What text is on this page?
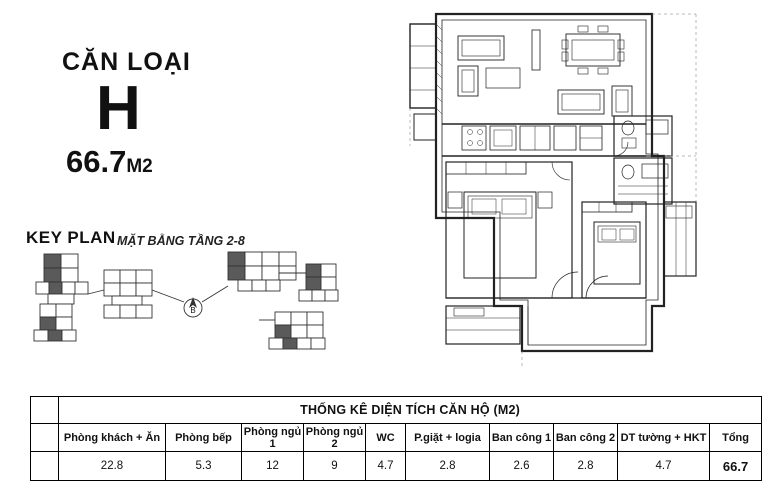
CĂN LOẠI
H
66.7M2
KEY PLAN MẶT BẰNG TẦNG 2-8
B
	THỐNG KÊ DIỆN TÍCH CĂN HỘ (M2)									
	Phòng khách + Ăn	Phòng bếp	Phòng ngủ 1	Phòng ngủ 2	WC	P.giặt + logia	Ban công 1	Ban công 2	DT tường + HKT	Tổng
	22.8	5.3	12	9	4.7	2.8	2.6	2.8	4.7	66.7
